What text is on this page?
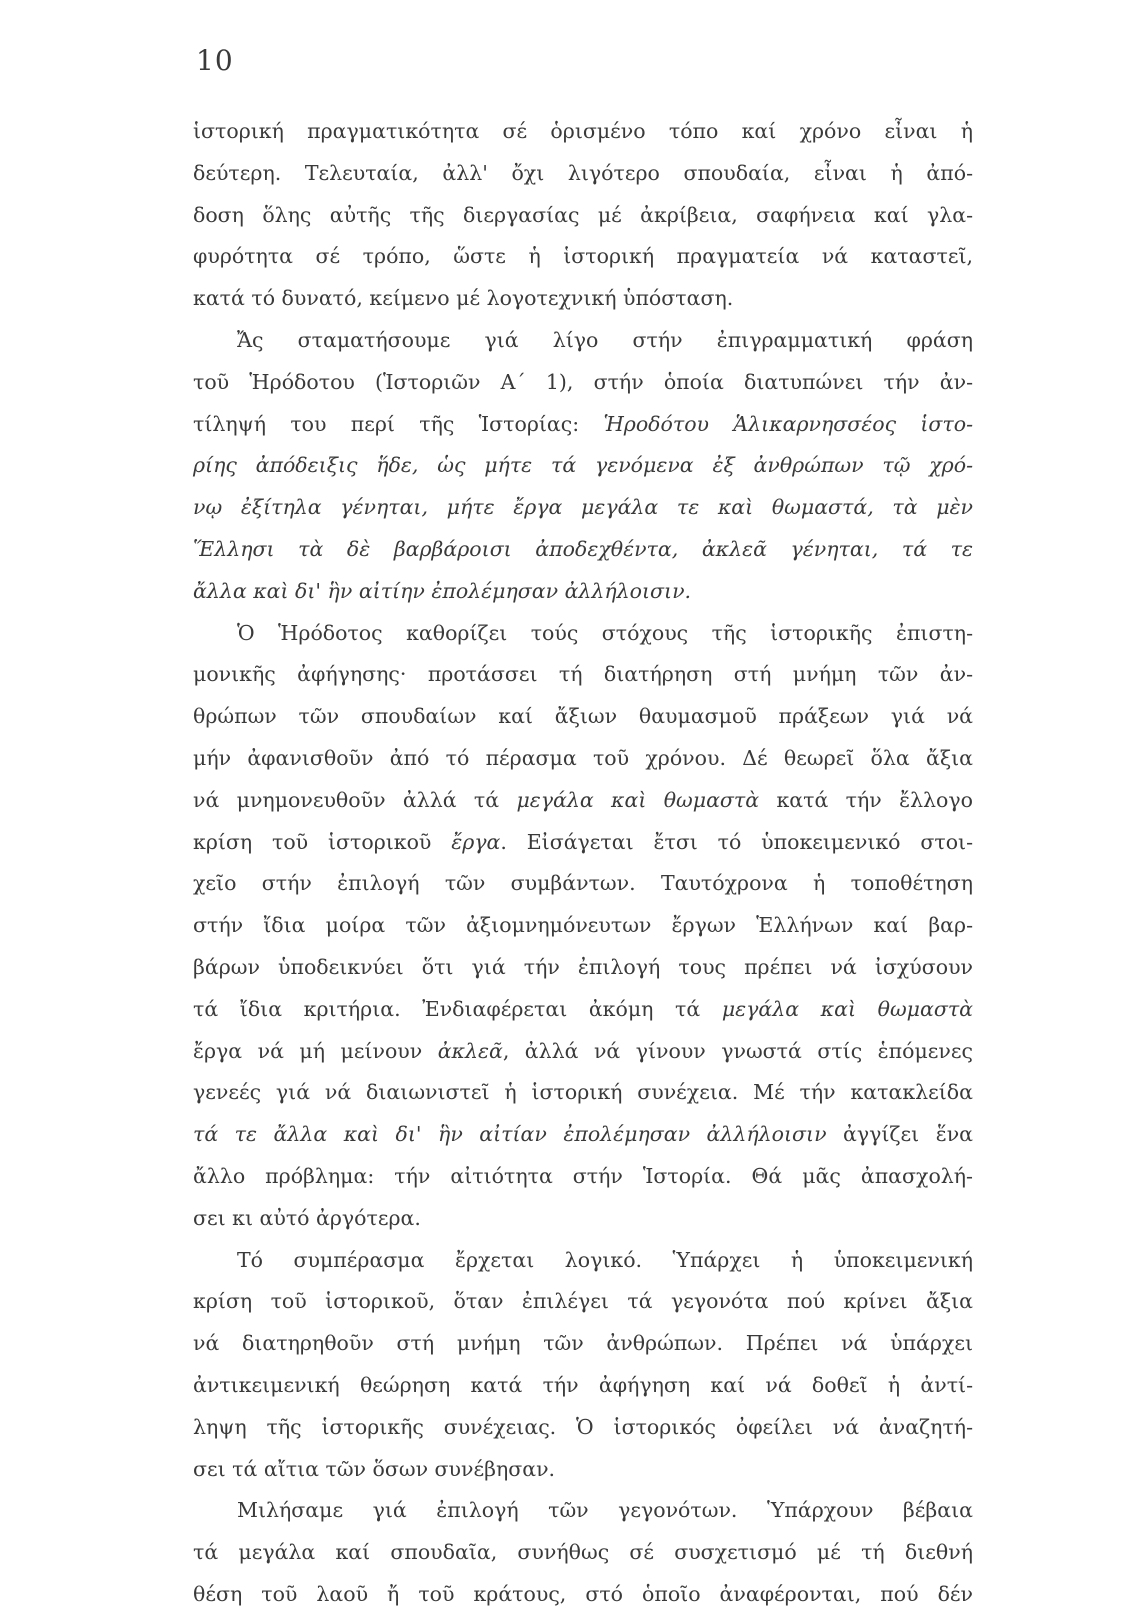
10
ἱστορική πραγματικότητα σέ ὁρισμένο τόπο καί χρόνο εἶναι ἡ
δεύτερη. Τελευταία, ἀλλ' ὄχι λιγότερο σπουδαία, εἶναι ἡ ἀπό-
δοση ὅλης αὐτῆς τῆς διεργασίας μέ ἀκρίβεια, σαφήνεια καί γλα-
φυρότητα σέ τρόπο, ὥστε ἡ ἱστορική πραγματεία νά καταστεῖ,
κατά τό δυνατό, κείμενο μέ λογοτεχνική ὑπόσταση.
Ἄς σταματήσουμε γιά λίγο στήν ἐπιγραμματική φράση
τοῦ Ἡρόδοτου (Ἱστοριῶν Α΄ 1), στήν ὁποία διατυπώνει τήν ἀν-
τίληψή του περί τῆς Ἱστορίας: Ἡροδότου Ἁλικαρνησσέος ἱστο-
ρίης ἀπόδειξις ἥδε, ὡς μήτε τά γενόμενα ἐξ ἀνθρώπων τῷ χρό-
νῳ ἐξίτηλα γένηται, μήτε ἔργα μεγάλα τε καὶ θωμαστά, τὰ μὲν
Ἕλλησι τὰ δὲ βαρβάροισι ἀποδεχθέντα, ἀκλεᾶ γένηται, τά τε
ἄλλα καὶ δι' ἣν αἰτίην ἐπολέμησαν ἀλλήλοισιν.
Ὁ Ἡρόδοτος καθορίζει τούς στόχους τῆς ἱστορικῆς ἐπιστη-
μονικῆς ἀφήγησης· προτάσσει τή διατήρηση στή μνήμη τῶν ἀν-
θρώπων τῶν σπουδαίων καί ἄξιων θαυμασμοῦ πράξεων γιά νά
μήν ἀφανισθοῦν ἀπό τό πέρασμα τοῦ χρόνου. Δέ θεωρεῖ ὅλα ἄξια
νά μνημονευθοῦν ἀλλά τά μεγάλα καὶ θωμαστὰ κατά τήν ἔλλογο
κρίση τοῦ ἱστορικοῦ ἔργα. Εἰσάγεται ἔτσι τό ὑποκειμενικό στοι-
χεῖο στήν ἐπιλογή τῶν συμβάντων. Ταυτόχρονα ἡ τοποθέτηση
στήν ἴδια μοίρα τῶν ἀξιομνημόνευτων ἔργων Ἑλλήνων καί βαρ-
βάρων ὑποδεικνύει ὅτι γιά τήν ἐπιλογή τους πρέπει νά ἰσχύσουν
τά ἴδια κριτήρια. Ἐνδιαφέρεται ἀκόμη τά μεγάλα καὶ θωμαστὰ
ἔργα νά μή μείνουν ἀκλεᾶ, ἀλλά νά γίνουν γνωστά στίς ἑπόμενες
γενεές γιά νά διαιωνιστεῖ ἡ ἱστορική συνέχεια. Μέ τήν κατακλείδα
τά τε ἄλλα καὶ δι' ἣν αἰτίαν ἐπολέμησαν ἀλλήλοισιν ἀγγίζει ἕνα
ἄλλο πρόβλημα: τήν αἰτιότητα στήν Ἱστορία. Θά μᾶς ἀπασχολή-
σει κι αὐτό ἀργότερα.
Τό συμπέρασμα ἔρχεται λογικό. Ὑπάρχει ἡ ὑποκειμενική
κρίση τοῦ ἱστορικοῦ, ὅταν ἐπιλέγει τά γεγονότα πού κρίνει ἄξια
νά διατηρηθοῦν στή μνήμη τῶν ἀνθρώπων. Πρέπει νά ὑπάρχει
ἀντικειμενική θεώρηση κατά τήν ἀφήγηση καί νά δοθεῖ ἡ ἀντί-
ληψη τῆς ἱστορικῆς συνέχειας. Ὁ ἱστορικός ὀφείλει νά ἀναζητή-
σει τά αἴτια τῶν ὅσων συνέβησαν.
Μιλήσαμε γιά ἐπιλογή τῶν γεγονότων. Ὑπάρχουν βέβαια
τά μεγάλα καί σπουδαῖα, συνήθως σέ συσχετισμό μέ τή διεθνή
θέση τοῦ λαοῦ ἤ τοῦ κράτους, στό ὁποῖο ἀναφέρονται, πού δέν
